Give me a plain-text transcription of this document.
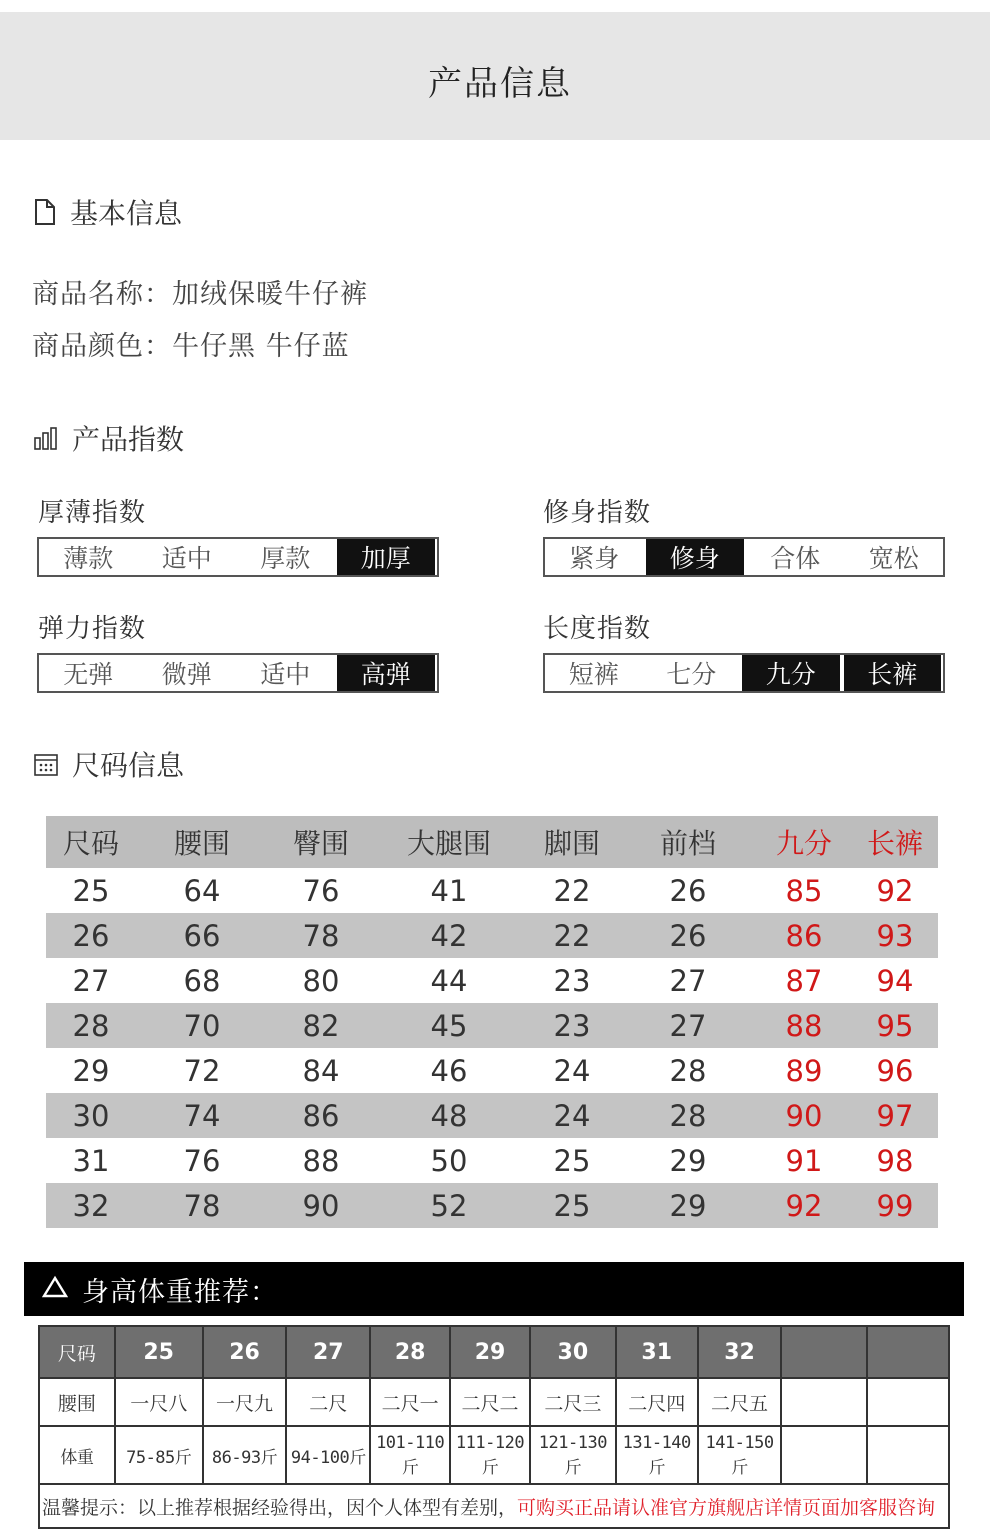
产品信息
基本信息
商品名称：加绒保暖牛仔裤
商品颜色：牛仔黑 牛仔蓝
产品指数
厚薄指数
薄款	适中	厚款	加厚
修身指数
紧身	修身	合体	宽松
弹力指数
无弹	微弹	适中	高弹
长度指数
短裤	七分	九分	长裤
尺码信息
尺码	腰围	臀围	大腿围	脚围	前档	九分	长裤
25	64	76	41	22	26	85	92
26	66	78	42	22	26	86	93
27	68	80	44	23	27	87	94
28	70	82	45	23	27	88	95
29	72	84	46	24	28	89	96
30	74	86	48	24	28	90	97
31	76	88	50	25	29	91	98
32	78	90	52	25	29	92	99
身高体重推荐：
尺码	25	26	27	28	29	30	31	32		
腰围	一尺八	一尺九	二尺	二尺一	二尺二	二尺三	二尺四	二尺五		
体重	75-85斤	86-93斤	94-100斤	101-110斤	111-120斤	121-130斤	131-140斤	141-150斤		
温馨提示：以上推荐根据经验得出，因个人体型有差别，可购买正品请认准官方旗舰店详情页面加客服咨询										
